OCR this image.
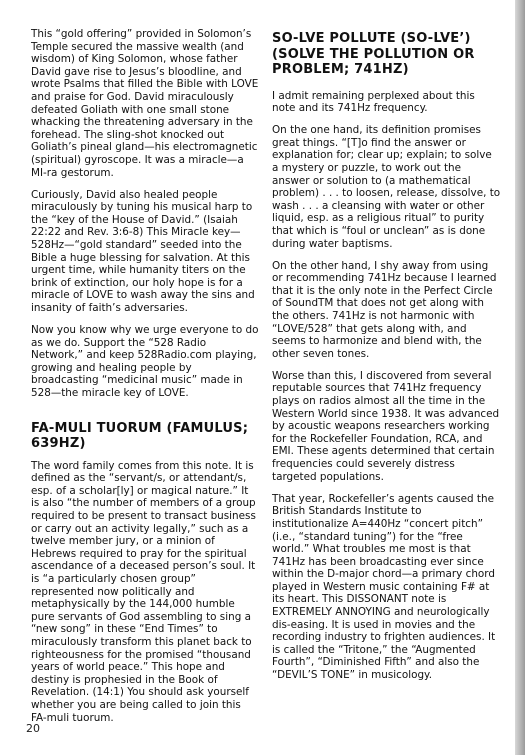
This “gold offering” provided in Solomon’s Temple secured the massive wealth (and wisdom) of King Solomon, whose father David gave rise to Jesus’s bloodline, and wrote Psalms that filled the Bible with LOVE and praise for God. David miraculously defeated Goliath with one small stone whacking the threatening adversary in the forehead. The sling-shot knocked out Goliath’s pineal gland—his electromagnetic (spiritual) gyroscope. It was a miracle—a MI-ra gestorum.

Curiously, David also healed people miraculously by tuning his musical harp to the “key of the House of David.” (Isaiah 22:22 and Rev. 3:6-8) This Miracle key—528Hz—“gold standard” seeded into the Bible a huge blessing for salvation. At this urgent time, while humanity titers on the brink of extinction, our holy hope is for a miracle of LOVE to wash away the sins and insanity of faith’s adversaries.

Now you know why we urge everyone to do as we do. Support the “528 Radio Network,” and keep 528Radio.com playing, growing and healing people by broadcasting “medicinal music” made in 528—the miracle key of LOVE.

FA-MULI TUORUM (FAMULUS; 639HZ)

The word family comes from this note. It is defined as the “servant/s, or attendant/s, esp. of a scholar[ly] or magical nature.” It is also “the number of members of a group required to be present to transact business or carry out an activity legally,” such as a twelve member jury, or a minion of Hebrews required to pray for the spiritual ascendance of a deceased person’s soul. It is “a particularly chosen group” represented now politically and metaphysically by the 144,000 humble pure servants of God assembling to sing a “new song” in these “End Times” to miraculously transform this planet back to righteousness for the promised “thousand years of world peace.” This hope and destiny is prophesied in the Book of Revelation. (14:1) You should ask yourself whether you are being called to join this FA-muli tuorum.

SO-LVE POLLUTE (SO-LVE’) (SOLVE THE POLLUTION OR PROBLEM; 741HZ)

I admit remaining perplexed about this note and its 741Hz frequency.

On the one hand, its definition promises great things. “[T]o find the answer or explanation for; clear up; explain; to solve a mystery or puzzle, to work out the answer or solution to (a mathematical problem) . . . to loosen, release, dissolve, to wash . . . a cleansing with water or other liquid, esp. as a religious ritual” to purity that which is “foul or unclean” as is done during water baptisms.

On the other hand, I shy away from using or recommending 741Hz because I learned that it is the only note in the Perfect Circle of SoundTM that does not get along with the others. 741Hz is not harmonic with “LOVE/528” that gets along with, and seems to harmonize and blend with, the other seven tones.

Worse than this, I discovered from several reputable sources that 741Hz frequency plays on radios almost all the time in the Western World since 1938. It was advanced by acoustic weapons researchers working for the Rockefeller Foundation, RCA, and EMI. These agents determined that certain frequencies could severely distress targeted populations.

That year, Rockefeller’s agents caused the British Standards Institute to institutionalize A=440Hz “concert pitch” (i.e., “standard tuning”) for the “free world.” What troubles me most is that 741Hz has been broadcasting ever since within the D-major chord—a primary chord played in Western music containing F# at its heart. This DISSONANT note is EXTREMELY ANNOYING and neurologically dis-easing. It is used in movies and the recording industry to frighten audiences. It is called the “Tritone,” the “Augmented Fourth”, “Diminished Fifth” and also the “DEVIL’S TONE” in musicology.

20
